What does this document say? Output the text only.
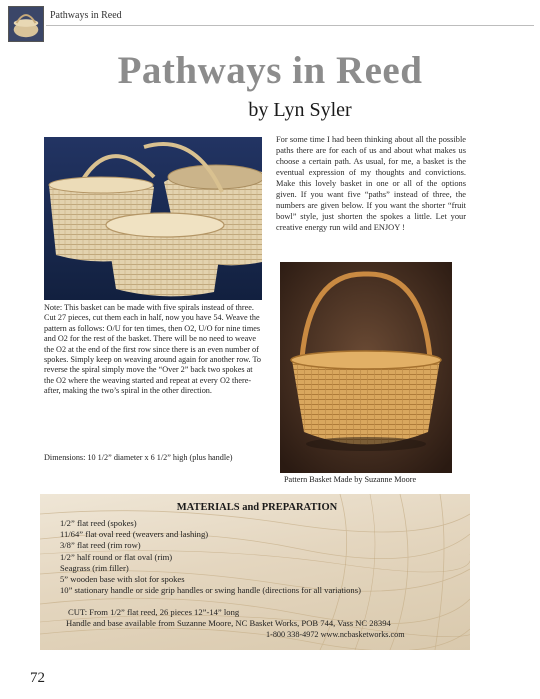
Pathways in Reed
Pathways in Reed
by Lyn Syler

For some time I had been thinking about all the possible paths there are for each of us and about what makes us choose a certain path. As usual, for me, a basket is the eventual expression of my thoughts and convictions. Make this lovely basket in one or all of the options given. If you want five “paths” instead of three, the numbers are given below. If you want the shorter “fruit bowl” style, just shorten the spokes a little. Let your creative energy run wild and ENJOY !

Note: This basket can be made with five spirals instead of three. Cut 27 pieces, cut them each in half, now you have 54. Weave the pattern as follows: O/U for ten times, then O2, U/O for nine times and O2 for the rest of the basket. There will be no need to weave the O2 at the end of the first row since there is an even number of spokes. Simply keep on weaving around again for another row. To reverse the spiral simply move the “Over 2” back two spokes at the O2 where the weaving started and repeat at every O2 there-after, making the two’s spiral in the other direction.

Dimensions: 10 1/2” diameter x 6 1/2” high (plus handle)
Pattern Basket Made by Suzanne Moore
MATERIALS and PREPARATION
1/2” flat reed (spokes)
11/64” flat oval reed (weavers and lashing)
3/8” flat reed (rim row)
1/2” half round or flat oval (rim)
Seagrass (rim filler)
5” wooden base with slot for spokes
10” stationary handle or side grip handles or swing handle (directions for all variations)
CUT: From 1/2” flat reed, 26 pieces 12”-14” long
Handle and base available from Suzanne Moore, NC Basket Works, POB 744, Vass NC 28394
1-800 338-4972 www.ncbasketworks.com
72
